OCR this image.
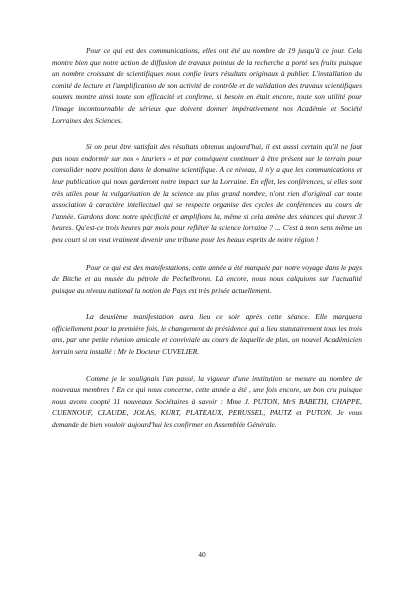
Pour ce qui est des communications, elles ont été au nombre de 19 jusqu'à ce jour. Cela montre bien que notre action de diffusion de travaux pointus de la recherche a porté ses fruits puisque un nombre croissant de scientifiques nous confie leurs résultats originaux à publier. L'installation du comité de lecture et l'amplification de son activité de contrôle et de validation des travaux scientifiques soumis montre ainsi toute son efficacité et confirme, si besoin en était encore, toute son utilité pour l'image incontournable de sérieux que doivent donner impérativement nos Académie et Société Lorraines des Sciences.

Si on peut être satisfait des résultats obtenus aujourd'hui, il est aussi certain qu'il ne faut pas nous endormir sur nos « lauriers » et par conséquent continuer à être présent sur le terrain pour consolider notre position dans le domaine scientifique. A ce niveau, il n'y a que les communications et leur publication qui nous garderont notre impact sur la Lorraine. En effet, les conférences, si elles sont très utiles pour la vulgarisation de la science au plus grand nombre, n'ont rien d'original car toute association à caractère intellectuel qui se respecte organise des cycles de conférences au cours de l'année. Gardons donc notre spécificité et amplifions la, même si cela amène des séances qui durent 3 heures. Qu'est-ce trois heures par mois pour refléter la science lorraine ? ... C'est à mon sens même un peu court si on veut vraiment devenir une tribune pour les beaux esprits de notre région !

Pour ce qui est des manifestations, cette année a été marquée par notre voyage dans le pays de Bitche et au musée du pétrole de Pechelbronn. Là encore, nous nous calquions sur l'actualité puisque au niveau national la notion de Pays est très prisée actuellement.

La deuxième manifestation aura lieu ce soir après cette séance. Elle marquera officiellement pour la première fois, le changement de présidence qui a lieu statutairement tous les trois ans, par une petite réunion amicale et conviviale au cours de laquelle de plus, un nouvel Académicien lorrain sera installé : Mr le Docteur CUVELIER.

Comme je le soulignais l'an passé, la vigueur d'une institution se mesure au nombre de nouveaux membres ! En ce qui nous concerne, cette année a été , une fois encore, un bon cru puisque nous avons coopté 11 nouveaux Sociétaires à savoir : Mme J. PUTON, MrS BABETH, CHAPPE, CUENNOUF, CLAUDE, JOLAS, KURT, PLATEAUX, PERUSSEL, PAUTZ et PUTON. Je vous demande de bien vouloir aujourd'hui les confirmer en Assemblée Générale.

40
